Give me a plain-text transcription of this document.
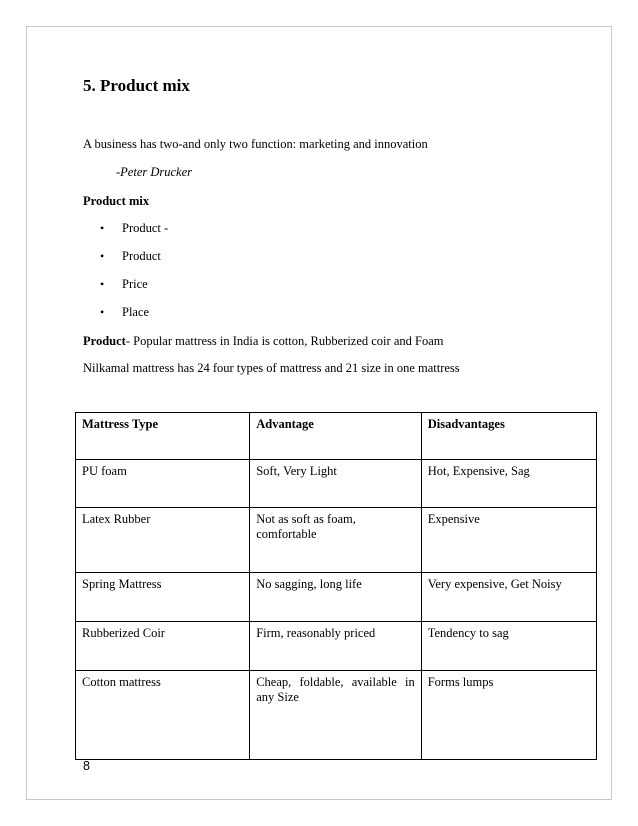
5. Product mix

A business has two-and only two function: marketing and innovation

-Peter Drucker

Product mix

•	Product -
•	Product
•	Price
•	Place

Product- Popular mattress in India is cotton, Rubberized coir and Foam

Nilkamal mattress has 24 four types of mattress and 21 size in one mattress

Mattress Type	Advantage	Disadvantages
PU foam	Soft, Very Light	Hot, Expensive, Sag
Latex Rubber	Not as soft as foam, comfortable	Expensive
Spring Mattress	No sagging, long life	Very expensive, Get Noisy
Rubberized Coir	Firm, reasonably priced	Tendency to sag
Cotton mattress	Cheap, foldable, available in any Size	Forms lumps

8
